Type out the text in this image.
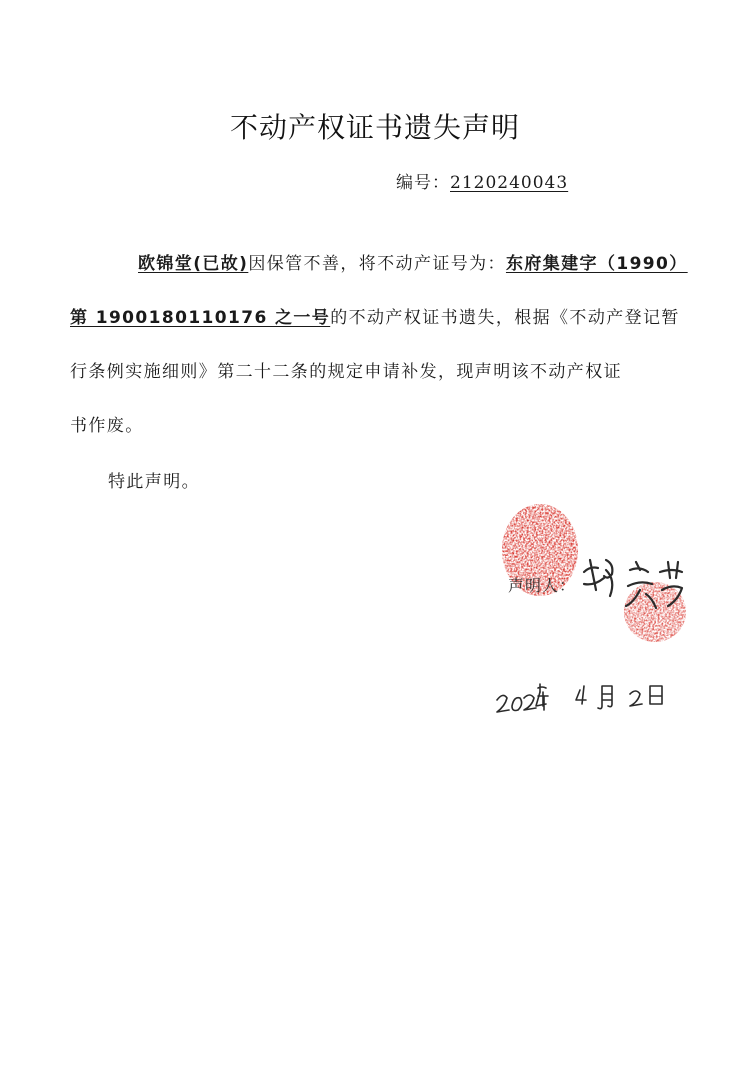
不动产权证书遗失声明
编号：2120240043
欧锦堂(已故)因保管不善，将不动产证号为：东府集建字（1990）
第 1900180110176 之一号的不动产权证书遗失，根据《不动产登记暂
行条例实施细则》第二十二条的规定申请补发，现声明该不动产权证
书作废。
特此声明。
声明人：
